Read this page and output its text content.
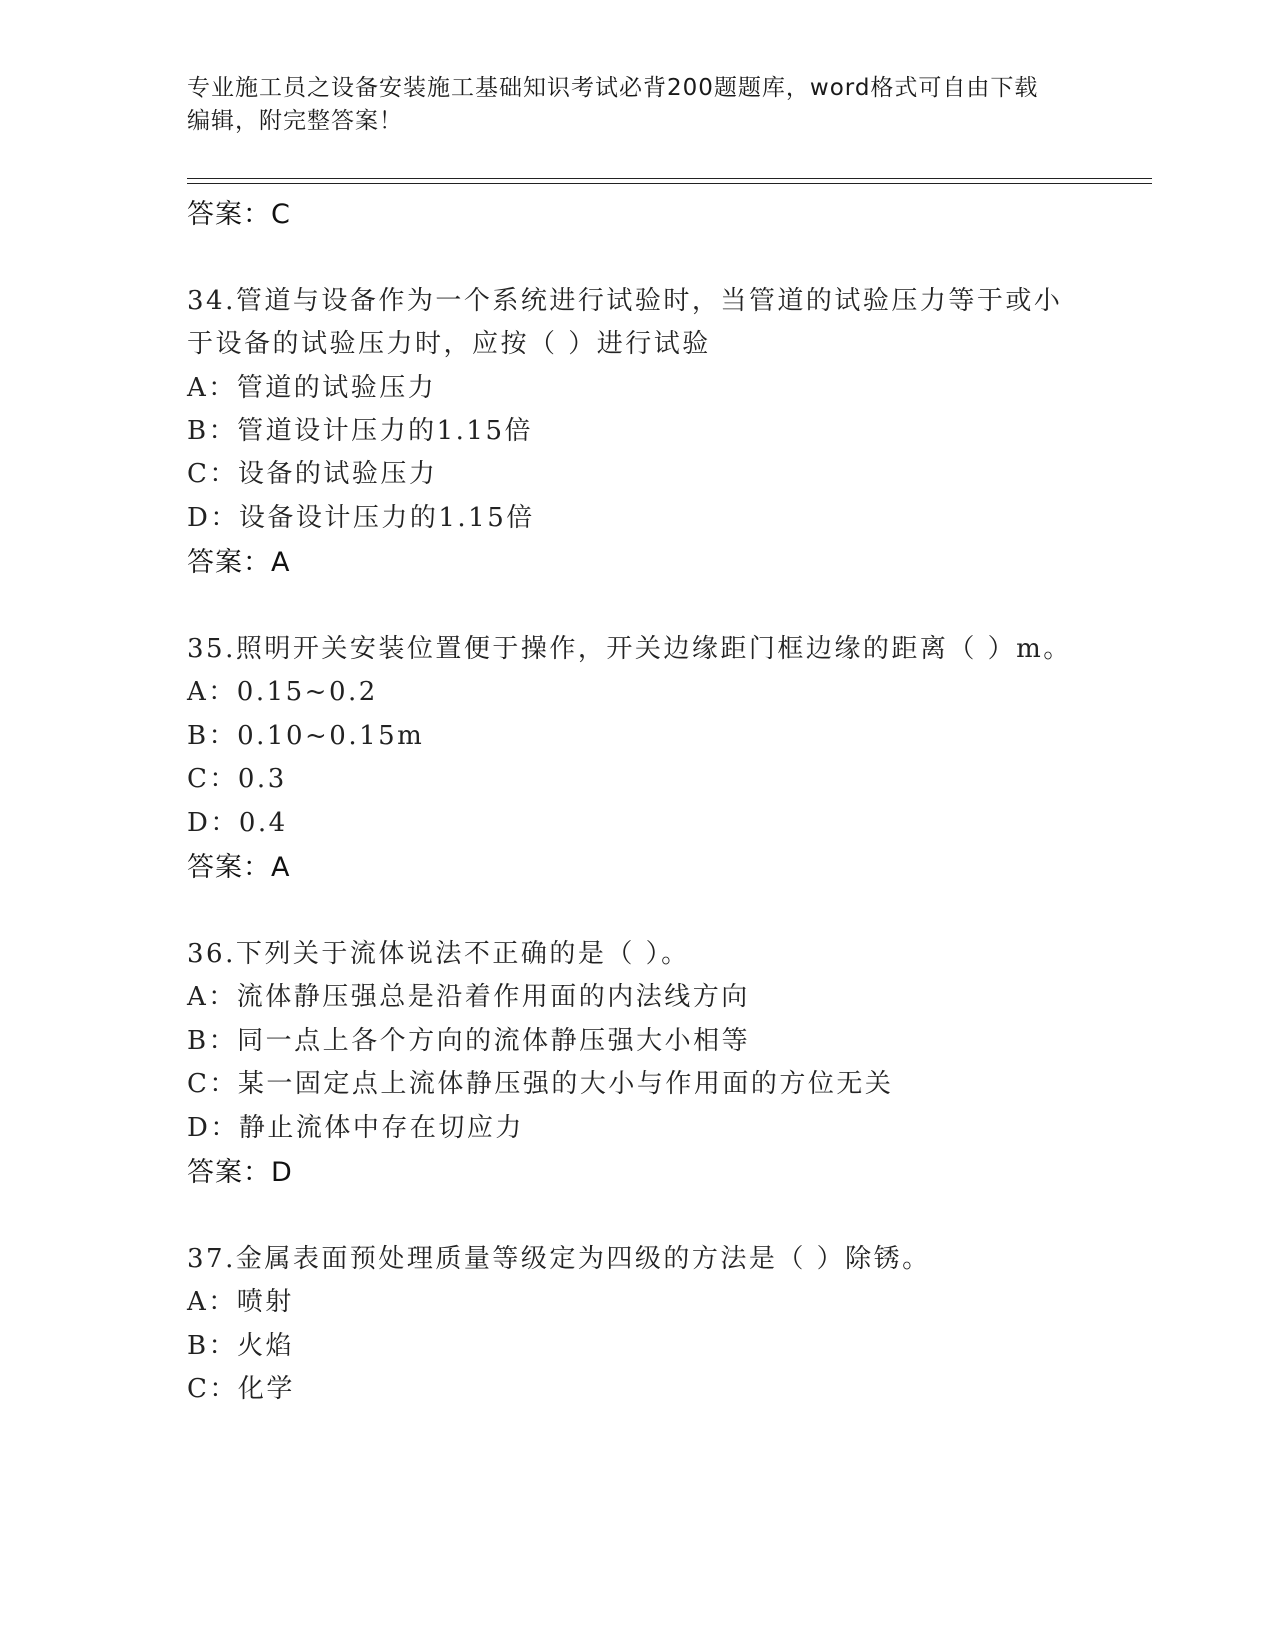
专业施工员之设备安装施工基础知识考试必背200题题库，word格式可自由下载
编辑，附完整答案！
答案：C
34.管道与设备作为一个系统进行试验时，当管道的试验压力等于或小
于设备的试验压力时，应按（ ）进行试验
A：管道的试验压力
B：管道设计压力的1.15倍
C：设备的试验压力
D：设备设计压力的1.15倍
答案：A
35.照明开关安装位置便于操作，开关边缘距门框边缘的距离（ ）m。
A：0.15~0.2
B：0.10~0.15m
C：0.3
D：0.4
答案：A
36.下列关于流体说法不正确的是（ ）。
A：流体静压强总是沿着作用面的内法线方向
B：同一点上各个方向的流体静压强大小相等
C：某一固定点上流体静压强的大小与作用面的方位无关
D：静止流体中存在切应力
答案：D
37.金属表面预处理质量等级定为四级的方法是（ ）除锈。
A：喷射
B：火焰
C：化学
